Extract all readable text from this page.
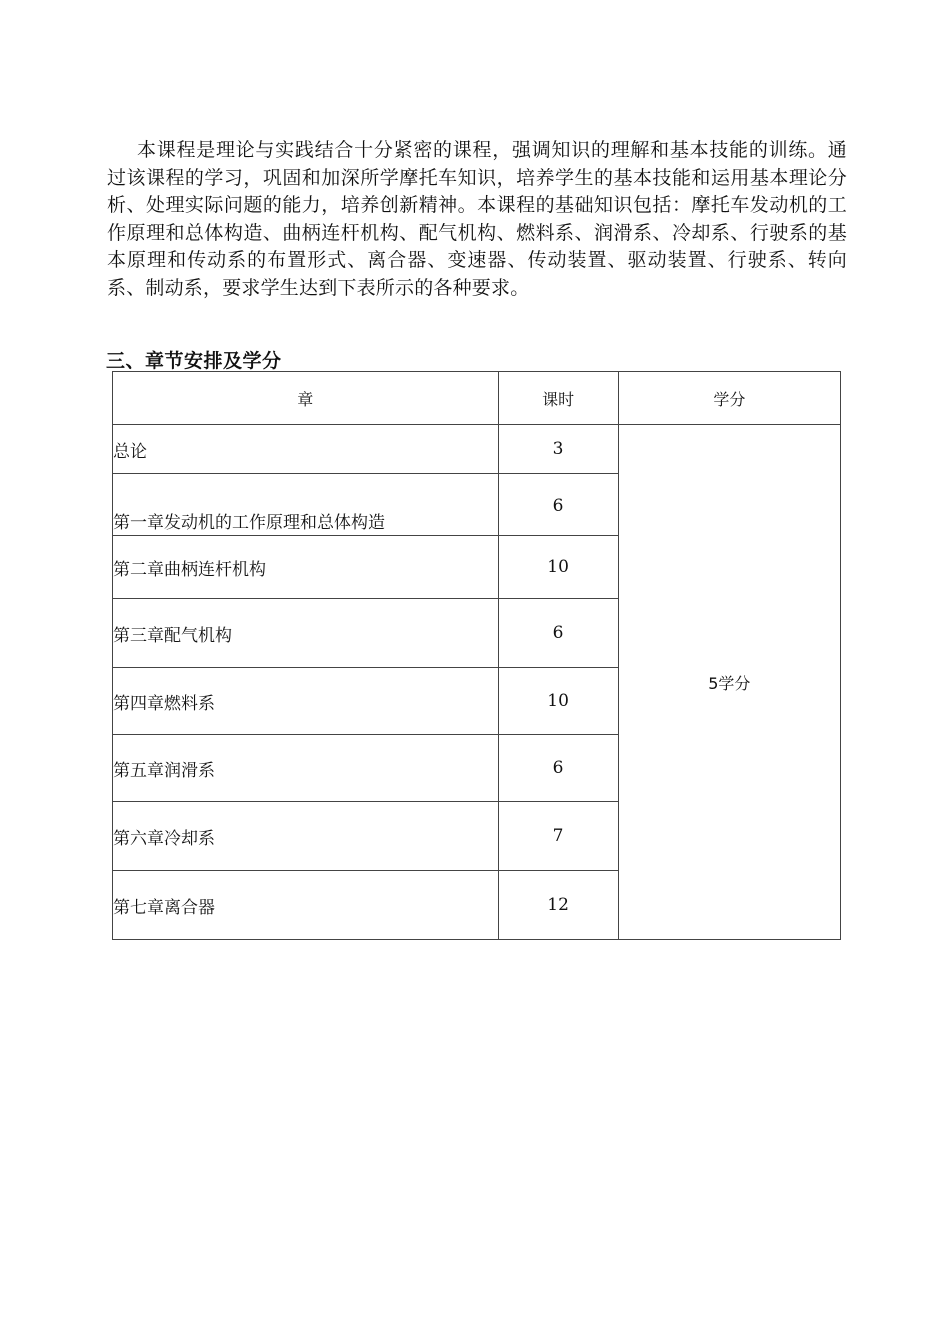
本课程是理论与实践结合十分紧密的课程，强调知识的理解和基本技能的训练。通过该课程的学习，巩固和加深所学摩托车知识，培养学生的基本技能和运用基本理论分析、处理实际问题的能力，培养创新精神。本课程的基础知识包括：摩托车发动机的工作原理和总体构造、曲柄连杆机构、配气机构、燃料系、润滑系、冷却系、行驶系的基本原理和传动系的布置形式、离合器、变速器、传动装置、驱动装置、行驶系、转向系、制动系，要求学生达到下表所示的各种要求。

三、章节安排及学分
章	课时	学分
总论	3	5学分
第一章发动机的工作原理和总体构造	6	
第二章曲柄连杆机构	10	
第三章配气机构	6	
第四章燃料系	10	
第五章润滑系	6	
第六章冷却系	7	
第七章离合器	12	
